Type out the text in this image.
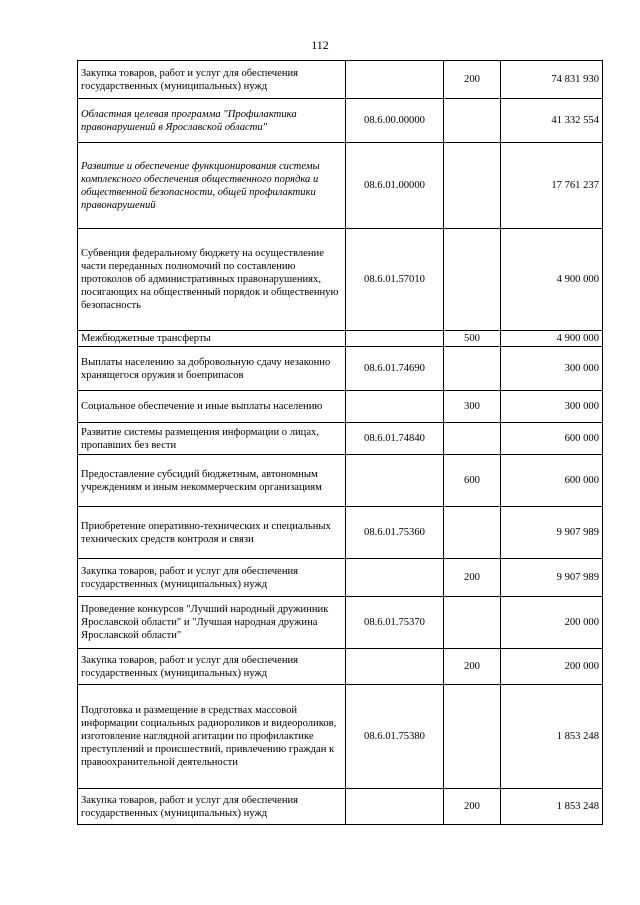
112
Закупка товаров, работ и услуг для обеспечения государственных (муниципальных) нужд		200	74 831 930
Областная целевая программа "Профилактика правонарушений в Ярославской области"	08.6.00.00000		41 332 554
Развитие и обеспечение функционирования системы комплексного обеспечения общественного порядка и общественной безопасности, общей профилактики правонарушений	08.6.01.00000		17 761 237
Субвенция федеральному бюджету на осуществление части переданных полномочий по составлению протоколов об административных правонарушениях, посягающих на общественный порядок и общественную безопасность	08.6.01.57010		4 900 000
Межбюджетные трансферты		500	4 900 000
Выплаты населению за добровольную сдачу незаконно хранящегося оружия и боеприпасов	08.6.01.74690		300 000
Социальное обеспечение и иные выплаты населению		300	300 000
Развитие системы размещения информации о лицах, пропавших без вести	08.6.01.74840		600 000
Предоставление субсидий бюджетным, автономным учреждениям и иным некоммерческим организациям		600	600 000
Приобретение оперативно-технических и специальных технических средств контроля и связи	08.6.01.75360		9 907 989
Закупка товаров, работ и услуг для обеспечения государственных (муниципальных) нужд		200	9 907 989
Проведение конкурсов "Лучший народный дружинник Ярославской области" и "Лучшая народная дружина Ярославской области"	08.6.01.75370		200 000
Закупка товаров, работ и услуг для обеспечения государственных (муниципальных) нужд		200	200 000
Подготовка и размещение в средствах массовой информации социальных радиороликов и видеороликов, изготовление наглядной агитации по профилактике преступлений и происшествий, привлечению граждан к правоохранительной деятельности	08.6.01.75380		1 853 248
Закупка товаров, работ и услуг для обеспечения государственных (муниципальных) нужд		200	1 853 248
